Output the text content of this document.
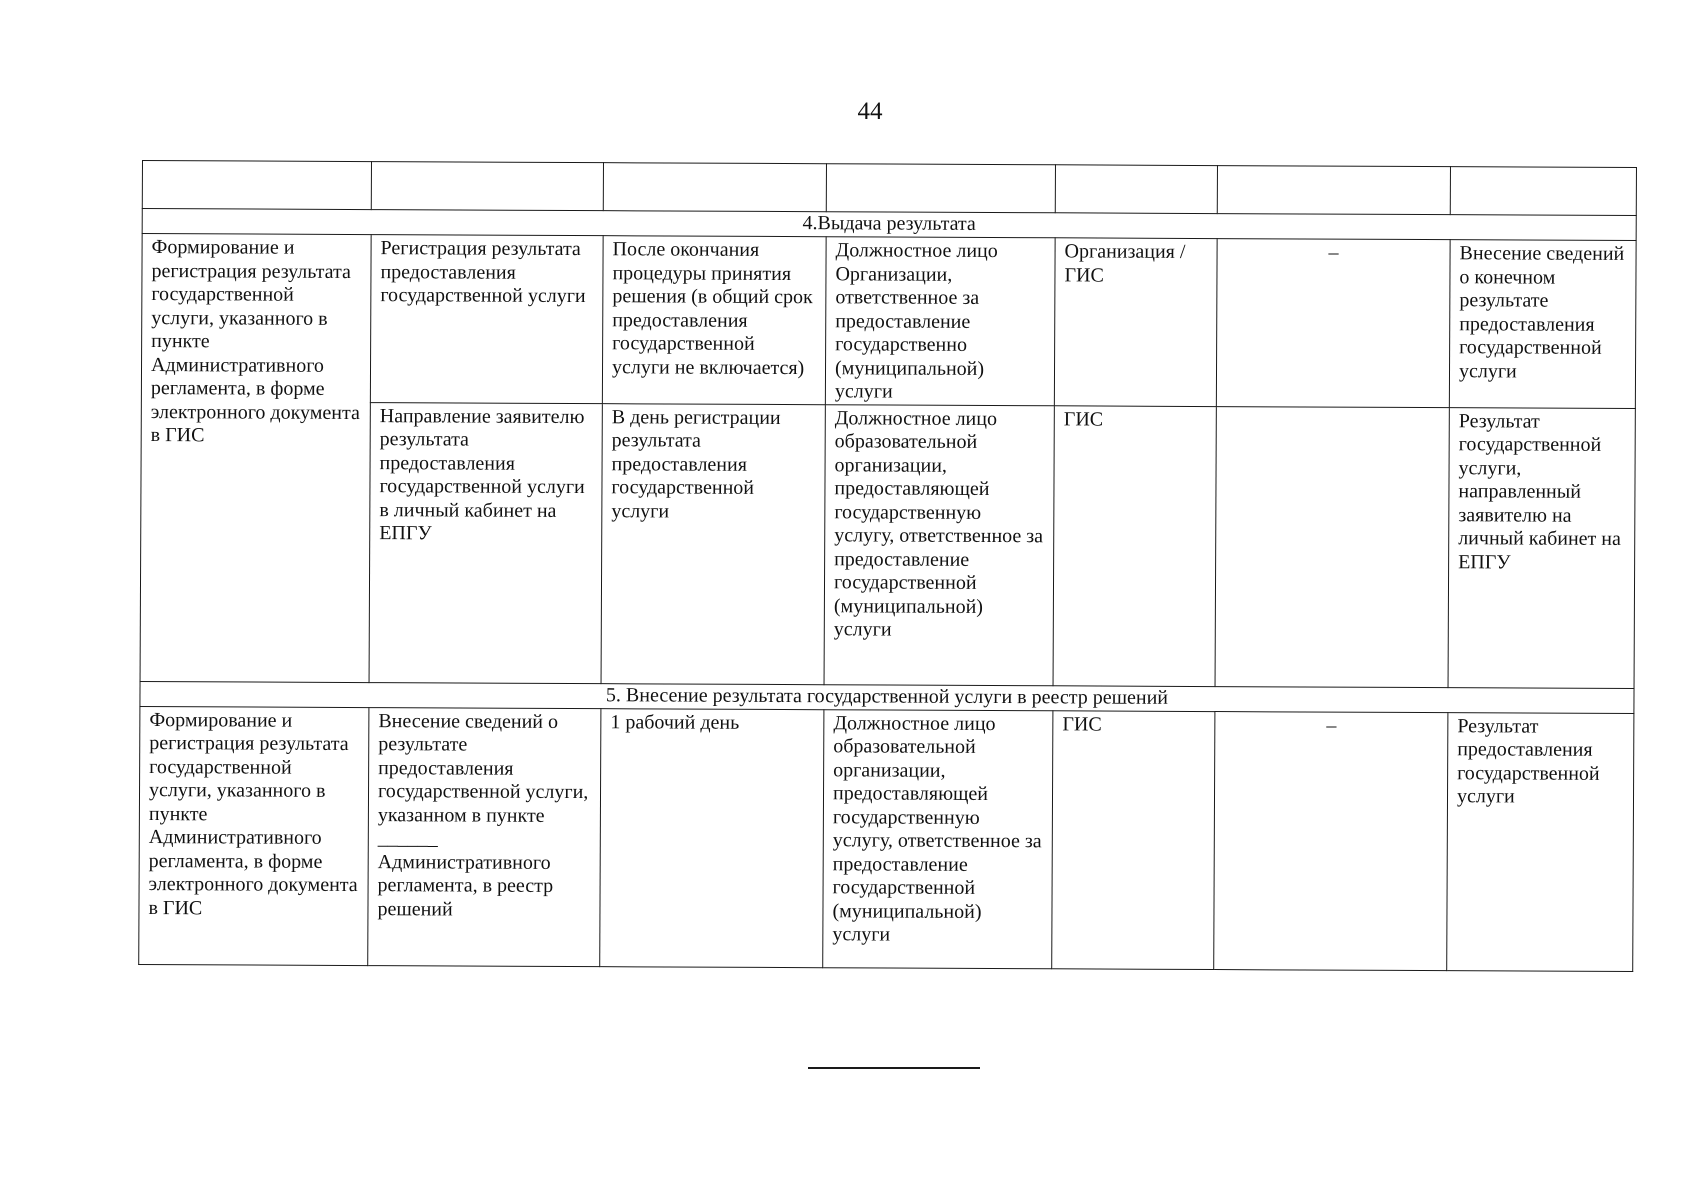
44

4.Выдача результата						
Формирование и регистрация результата государственной услуги, указанного в пункте Административного регламента, в форме электронного документа в ГИС	Регистрация результата предоставления государственной услуги	После окончания процедуры принятия решения (в общий срок предоставления государственной услуги не включается)	Должностное лицо Организации, ответственное за предоставление государственно (муниципальной) услуги	Организация / ГИС	–	Внесение сведений о конечном результате предоставления государственной услуги
	Направление заявителю результата предоставления государственной услуги в личный кабинет на ЕПГУ	В день регистрации результата предоставления государственной услуги	Должностное лицо образовательной организации, предоставляющей государственную услугу, ответственное за предоставление государственной (муниципальной) услуги	ГИС		Результат государственной услуги, направленный заявителю на личный кабинет на ЕПГУ
5. Внесение результата государственной услуги в реестр решений						
Формирование и регистрация результата государственной услуги, указанного в пункте Административного регламента, в форме электронного документа в ГИС	Внесение сведений о результате предоставления государственной услуги, указанном в пункте ______ Административного регламента, в реестр решений	1 рабочий день	Должностное лицо образовательной организации, предоставляющей государственную услугу, ответственное за предоставление государственной (муниципальной) услуги	ГИС	–	Результат предоставления государственной услуги
